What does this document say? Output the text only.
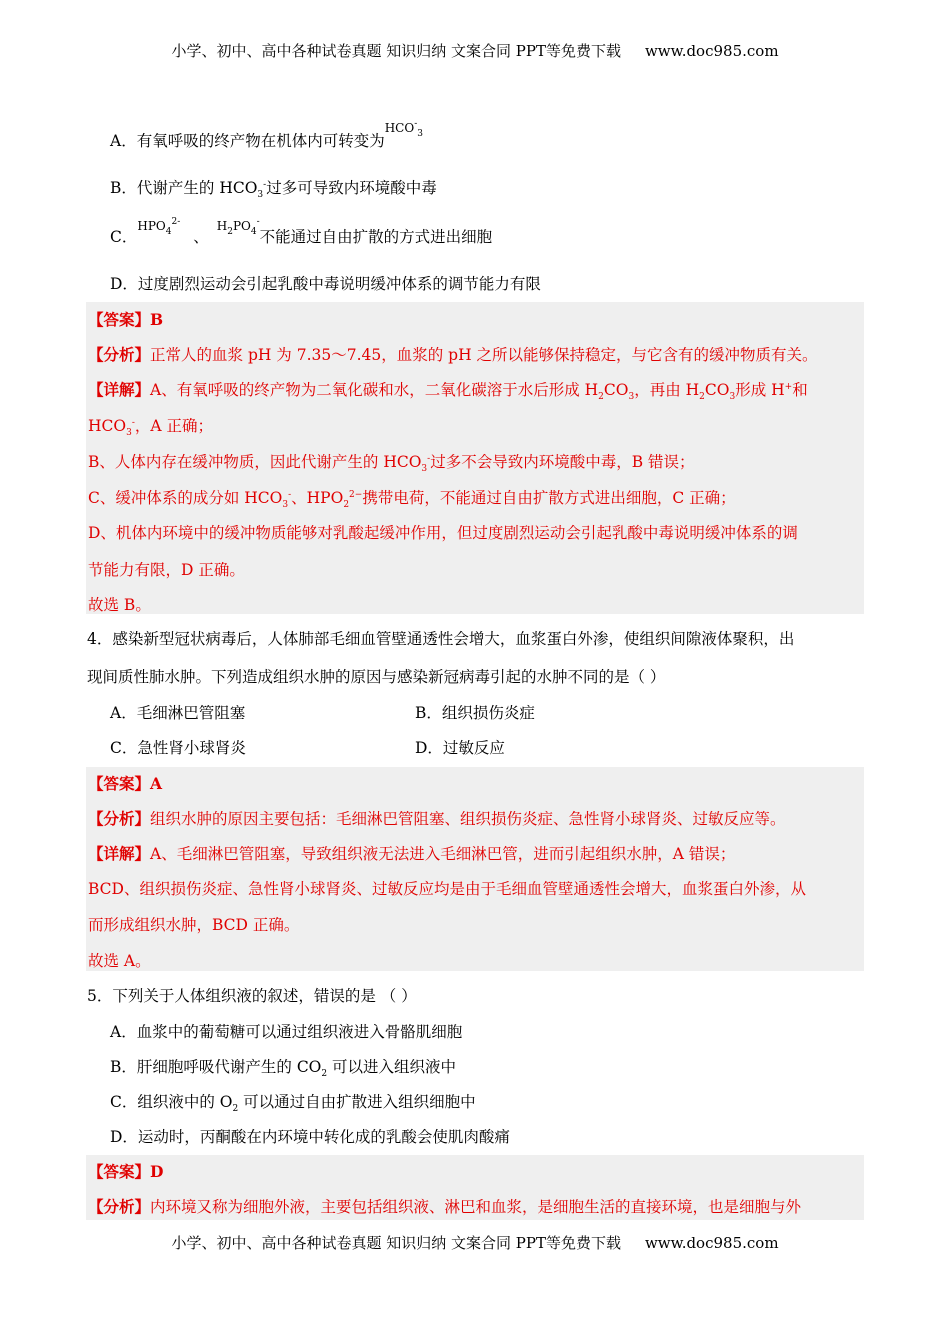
小学、初中、高中各种试卷真题 知识归纳 文案合同 PPT等免费下载 www.doc985.com
A．有氧呼吸的终产物在机体内可转变为$HCO^-_3$
B．代谢产生的 $HCO_3^-$过多可导致内环境酸中毒
C．$HPO_4^{2-}$ 、$H_2PO_4^-$不能通过自由扩散的方式进出细胞
D．过度剧烈运动会引起乳酸中毒说明缓冲体系的调节能力有限
【答案】B
【分析】正常人的血浆 pH 为 7.35～7.45，血浆的 pH 之所以能够保持稳定，与它含有的缓冲物质有关。
【详解】A、有氧呼吸的终产物为二氧化碳和水，二氧化碳溶于水后形成 $H_2CO_3$，再由 $H_2CO_3$形成 H+和
$HCO_3^-$，A 正确；
B、人体内存在缓冲物质，因此代谢产生的 $HCO_3^-$过多不会导致内环境酸中毒，B 错误；
C、缓冲体系的成分如 $HCO_3^-$、$HPO_2^{2-}$携带电荷，不能通过自由扩散方式进出细胞，C 正确；
D、机体内环境中的缓冲物质能够对乳酸起缓冲作用，但过度剧烈运动会引起乳酸中毒说明缓冲体系的调
节能力有限，D 正确。
故选 B。
4．感染新型冠状病毒后，人体肺部毛细血管壁通透性会增大，血浆蛋白外渗，使组织间隙液体聚积，出
现间质性肺水肿。下列造成组织水肿的原因与感染新冠病毒引起的水肿不同的是（ ）
A．毛细淋巴管阻塞	B．组织损伤炎症
C．急性肾小球肾炎	D．过敏反应
【答案】A
【分析】组织水肿的原因主要包括：毛细淋巴管阻塞、组织损伤炎症、急性肾小球肾炎、过敏反应等。
【详解】A、毛细淋巴管阻塞，导致组织液无法进入毛细淋巴管，进而引起组织水肿，A 错误；
BCD、组织损伤炎症、急性肾小球肾炎、过敏反应均是由于毛细血管壁通透性会增大，血浆蛋白外渗，从
而形成组织水肿，BCD 正确。
故选 A。
5．下列关于人体组织液的叙述，错误的是 （ ）
A．血浆中的葡萄糖可以通过组织液进入骨骼肌细胞
B．肝细胞呼吸代谢产生的 $CO_2$ 可以进入组织液中
C．组织液中的 $O_2$ 可以通过自由扩散进入组织细胞中
D．运动时，丙酮酸在内环境中转化成的乳酸会使肌肉酸痛
【答案】D
【分析】内环境又称为细胞外液，主要包括组织液、淋巴和血浆，是细胞生活的直接环境，也是细胞与外
小学、初中、高中各种试卷真题 知识归纳 文案合同 PPT等免费下载 www.doc985.com
